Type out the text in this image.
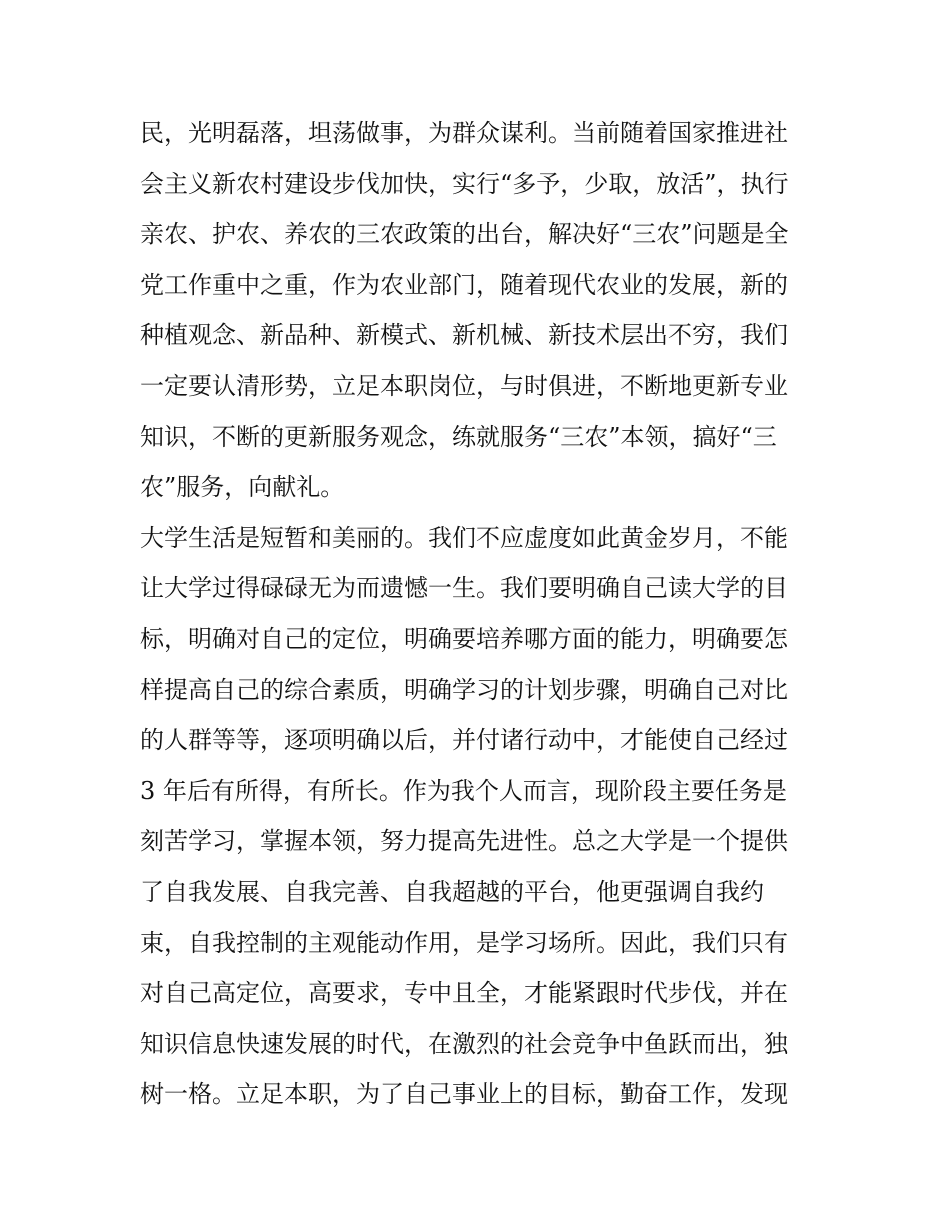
民，光明磊落，坦荡做事，为群众谋利。当前随着国家推进社
会主义新农村建设步伐加快，实行“多予，少取，放活”，执行
亲农、护农、养农的三农政策的出台，解决好“三农”问题是全
党工作重中之重，作为农业部门，随着现代农业的发展，新的
种植观念、新品种、新模式、新机械、新技术层出不穷，我们
一定要认清形势，立足本职岗位，与时俱进，不断地更新专业
知识，不断的更新服务观念，练就服务“三农”本领，搞好“三
农”服务，向献礼。
大学生活是短暂和美丽的。我们不应虚度如此黄金岁月，不能
让大学过得碌碌无为而遗憾一生。我们要明确自己读大学的目
标，明确对自己的定位，明确要培养哪方面的能力，明确要怎
样提高自己的综合素质，明确学习的计划步骤，明确自己对比
的人群等等，逐项明确以后，并付诸行动中，才能使自己经过
3 年后有所得，有所长。作为我个人而言，现阶段主要任务是
刻苦学习，掌握本领，努力提高先进性。总之大学是一个提供
了自我发展、自我完善、自我超越的平台，他更强调自我约
束，自我控制的主观能动作用，是学习场所。因此，我们只有
对自己高定位，高要求，专中且全，才能紧跟时代步伐，并在
知识信息快速发展的时代，在激烈的社会竞争中鱼跃而出，独
树一格。立足本职，为了自己事业上的目标，勤奋工作，发现
